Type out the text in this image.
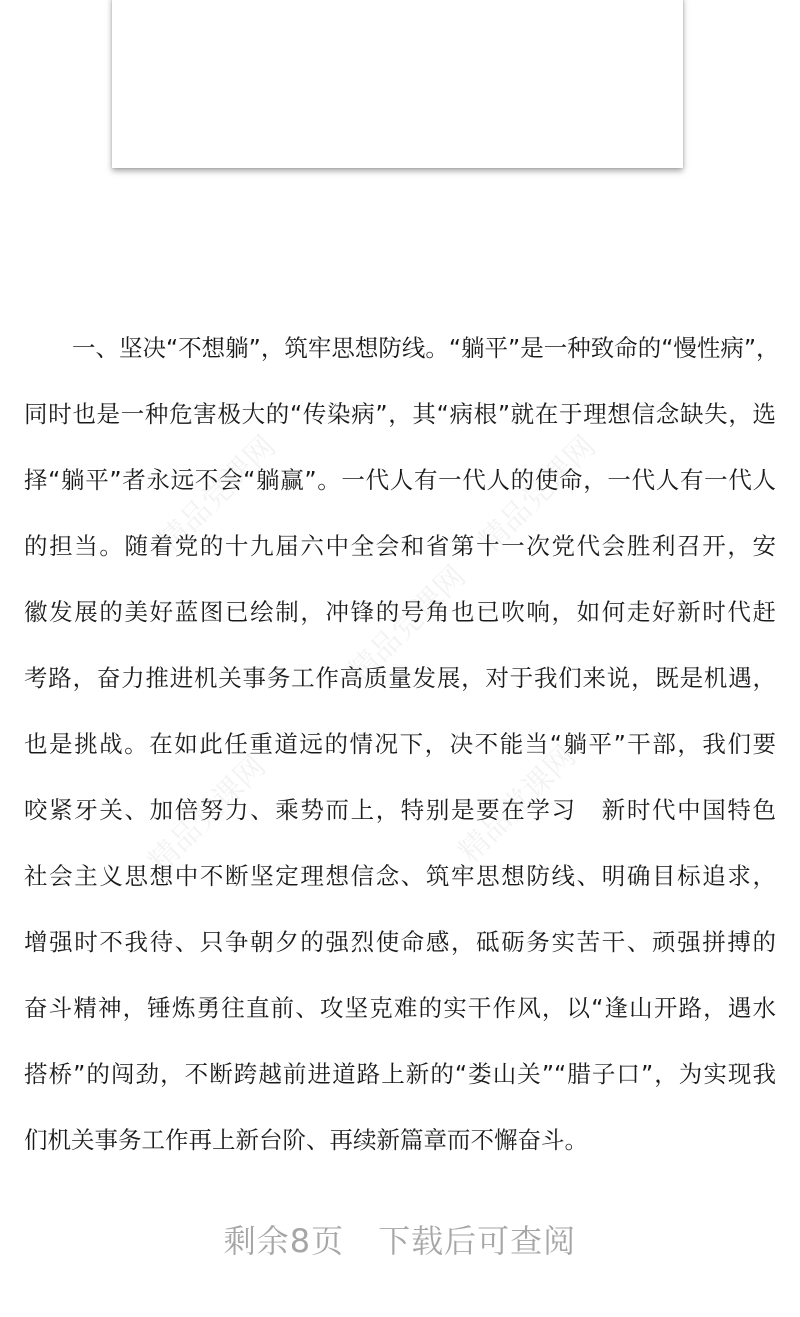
精品党课网	精品党课网
精品党课网
精品党课网	精品党课网
一、坚决“不想躺”，筑牢思想防线。“躺平”是一种致命的“慢性病”，
同时也是一种危害极大的“传染病”，其“病根”就在于理想信念缺失，选
择“躺平”者永远不会“躺赢”。一代人有一代人的使命，一代人有一代人
的担当。随着党的十九届六中全会和省第十一次党代会胜利召开，安
徽发展的美好蓝图已绘制，冲锋的号角也已吹响，如何走好新时代赶
考路，奋力推进机关事务工作高质量发展，对于我们来说，既是机遇，
也是挑战。在如此任重道远的情况下，决不能当“躺平”干部，我们要
咬紧牙关、加倍努力、乘势而上，特别是要在学习　新时代中国特色
社会主义思想中不断坚定理想信念、筑牢思想防线、明确目标追求，
增强时不我待、只争朝夕的强烈使命感，砥砺务实苦干、顽强拼搏的
奋斗精神，锤炼勇往直前、攻坚克难的实干作风，以“逢山开路，遇水
搭桥”的闯劲，不断跨越前进道路上新的“娄山关”“腊子口”，为实现我
们机关事务工作再上新台阶、再续新篇章而不懈奋斗。
剩余8页 下载后可查阅
